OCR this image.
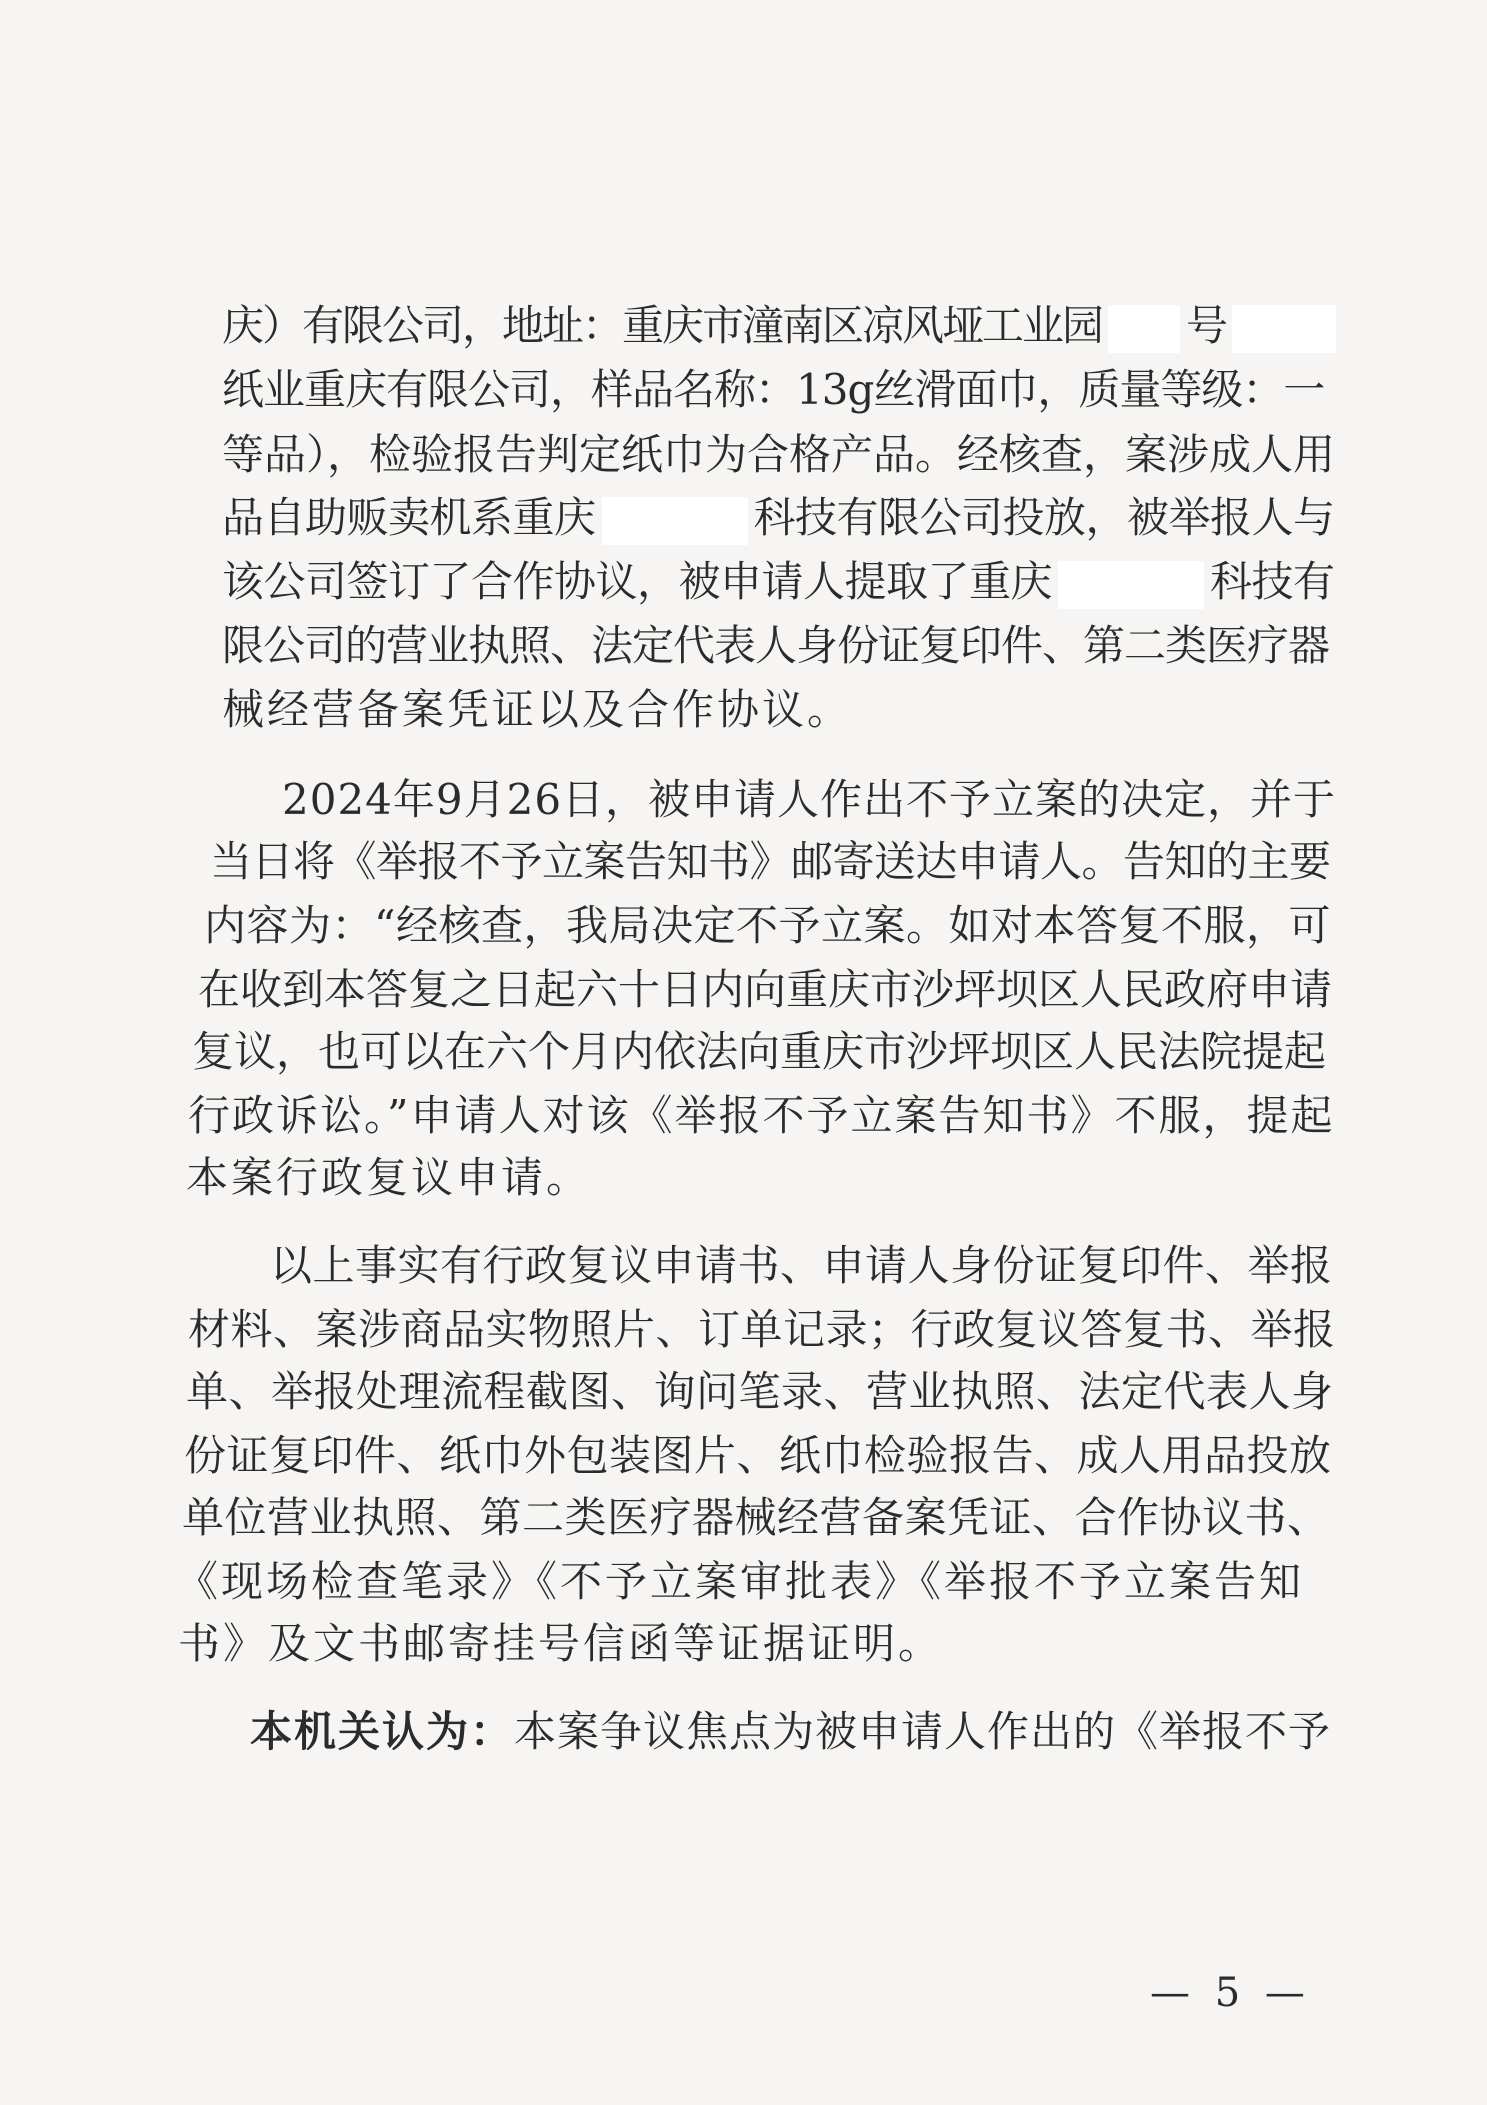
庆）有限公司，地址：重庆市潼南区凉风垭工业园 号
纸业重庆有限公司，样品名称：13g丝滑面巾，质量等级：一
等品），检验报告判定纸巾为合格产品。经核查，案涉成人用
品自助贩卖机系重庆	科技有限公司投放，被举报人与
该公司签订了合作协议，被申请人提取了重庆	科技有
限公司的营业执照、法定代表人身份证复印件、第二类医疗器
械经营备案凭证以及合作协议。
2024年9月26日，被申请人作出不予立案的决定，并于
当日将《举报不予立案告知书》邮寄送达申请人。告知的主要
内容为：“经核查，我局决定不予立案。如对本答复不服，可
在收到本答复之日起六十日内向重庆市沙坪坝区人民政府申请
复议，也可以在六个月内依法向重庆市沙坪坝区人民法院提起
行政诉讼。”申请人对该《举报不予立案告知书》不服，提起
本案行政复议申请。
以上事实有行政复议申请书、申请人身份证复印件、举报
材料、案涉商品实物照片、订单记录；行政复议答复书、举报
单、举报处理流程截图、询问笔录、营业执照、法定代表人身
份证复印件、纸巾外包装图片、纸巾检验报告、成人用品投放
单位营业执照、第二类医疗器械经营备案凭证、合作协议书、
《现场检查笔录》《不予立案审批表》《举报不予立案告知
书》及文书邮寄挂号信函等证据证明。
本机关认为：本案争议焦点为被申请人作出的《举报不予
— 5 —
